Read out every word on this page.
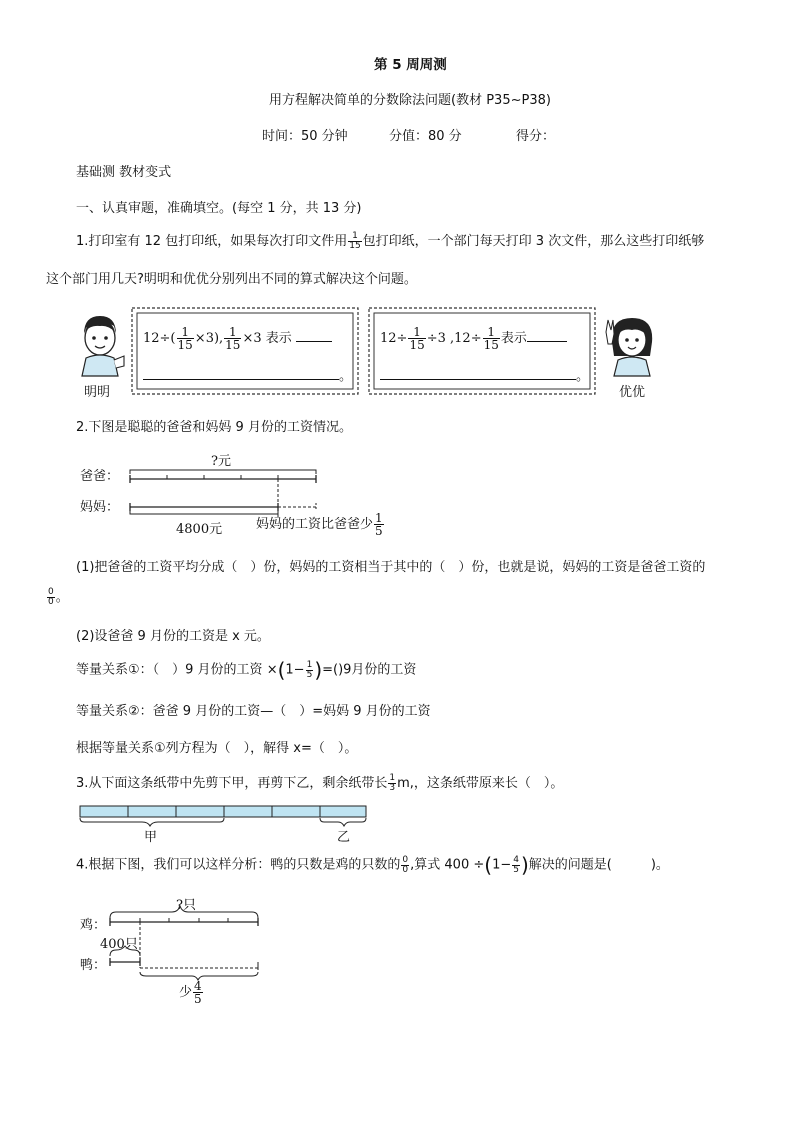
第 5 周周测
用方程解决简单的分数除法问题(教材 P35~P38)
时间：50 分钟	分值：80 分	得分：
基础测 教材变式
一、认真审题，准确填空。(每空 1 分，共 13 分)
1.打印室有 12 包打印纸，如果每次打印文件用 $\frac{1}{15}$ 包打印纸，一个部门每天打印 3 次文件，那么这些打印纸够
这个部门用几天?明明和优优分别列出不同的算式解决这个问题。
明明
$12\div( \frac{1}{15} \times 3)$, $\frac{1}{15} \times 3$ 表示
。
$12\div \frac{1}{15} \div 3$ $,12\div \frac{1}{15}$ 表示
。
优优
2.下图是聪聪的爸爸和妈妈 9 月份的工资情况。
爸爸：
妈妈：
?元
4800元	妈妈的工资比爸爸少 $\frac{1}{5}$
(1)把爸爸的工资平均分成（　）份，妈妈的工资相当于其中的（　）份，也就是说，妈妈的工资是爸爸工资的
$\frac{0}{0}$ 。
(2)设爸爸 9 月份的工资是 x 元。
等量关系①：（　）9 月份的工资 $\times(1- \frac{1}{5} )=()9$月份的工资
等量关系②：爸爸 9 月份的工资—（　）=妈妈 9 月份的工资
根据等量关系①列方程为（　），解得 x=（　）。
3.从下面这条纸带中先剪下甲，再剪下乙，剩余纸带长 $\frac{1}{3} m$,，这条纸带原来长（　）。
甲	乙
4.根据下图，我们可以这样分析：鸭的只数是鸡的只数的 $\frac{0}{0}$ ,算式 $400 \div(1- \frac{4}{5}$ )解决的问题是(　　　)。
鸡：
鸭：
?只
400只
少 $\frac{4}{5}$
